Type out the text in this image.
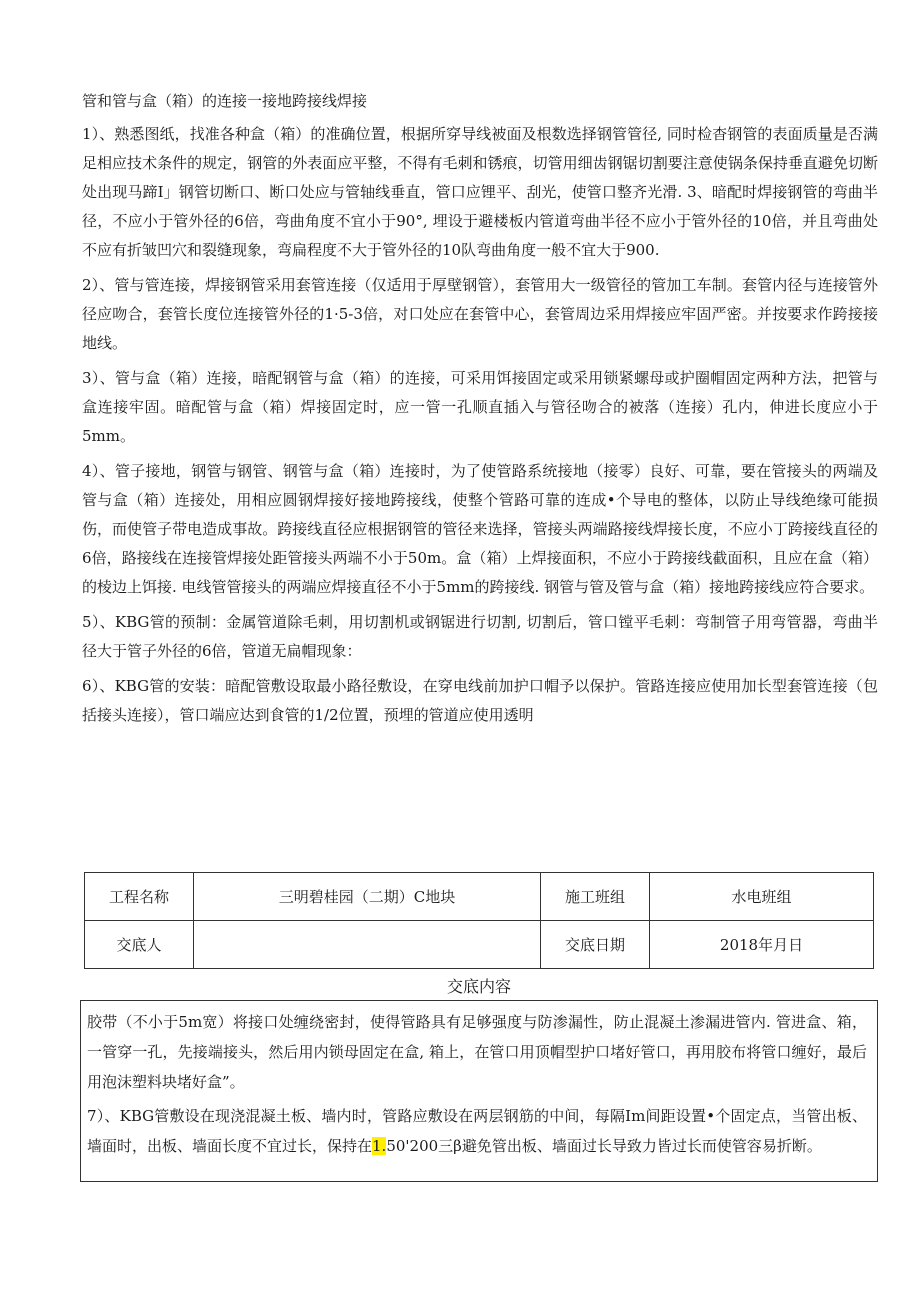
管和管与盒（箱）的连接一接地跨接线焊接

1）、熟悉图纸，找准各种盒（箱）的准确位置，根据所穿导线被面及根数选择钢管管径, 同时检杳钢管的表面质量是否满足相应技术条件的规定，钢管的外表面应平整，不得有毛刺和锈痕，切管用细齿钢锯切割要注意使锅条保持垂直避免切断处出现马蹄I」钢管切断口、断口处应与管轴线垂直，管口应锂平、刮光，使管口整齐光滑. 3、暗配时焊接钢管的弯曲半径，不应小于管外径的6倍，弯曲角度不宜小于90°, 埋设于避楼板内管道弯曲半径不应小于管外径的10倍，并且弯曲处不应有折皱凹穴和裂缝现象，弯扁程度不大于管外径的10队弯曲角度一般不宜大于900.

2）、管与管连接，焊接钢管采用套管连接（仅适用于厚壁钢管），套管用大一级管径的管加工车制。套管内径与连接管外径应吻合，套管长度位连接管外径的1·5-3倍，对口处应在套管中心，套管周边采用焊接应牢固严密。并按要求作跨接接地线。

3）、管与盒（箱）连接，暗配钢管与盒（箱）的连接，可采用饵接固定或采用锁紧螺母或护圈帽固定两种方法，把管与盒连接牢固。暗配管与盒（箱）焊接固定时，应一管一孔顺直插入与管径吻合的被落（连接）孔内，伸进长度应小于5mm。

4）、管子接地，钢管与钢管、钢管与盒（箱）连接时，为了使管路系统接地（接零）良好、可靠，要在管接头的两端及管与盒（箱）连接处，用相应圆钢焊接好接地跨接线，使整个管路可靠的连成•个导电的整体，以防止导线绝缘可能损伤，而使管子带电造成事故。跨接线直径应根据钢管的管径来选择，管接头两端路接线焊接长度，不应小丁跨接线直径的6倍，路接线在连接管焊接处距管接头两端不小于50m。盒（箱）上焊接面积，不应小于跨接线截面积，且应在盒（箱）的棱边上饵接. 电线管管接头的两端应焊接直径不小于5mm的跨接线. 钢管与管及管与盒（箱）接地跨接线应符合要求。

5）、KBG管的预制：金属管道除毛刺，用切割机或钢锯进行切割, 切割后，管口镗平毛刺：弯制管子用弯管器，弯曲半径大于管子外径的6倍，管道无扁帽现象：

6）、KBG管的安装：暗配管敷设取最小路径敷设，在穿电线前加护口帽予以保护。管路连接应使用加长型套管连接（包括接头连接），管口端应达到食管的1/2位置，预埋的管道应使用透明

工程名称	三明碧桂园（二期）C地块	施工班组	水电班组
交底人		交底日期	2018年月日
交底内容

胶带（不小于5m宽）将接口处缠绕密封，使得管路具有足够强度与防渗漏性，防止混凝土渗漏进管内. 管进盒、箱，一管穿一孔，先接端接头，然后用内锁母固定在盒, 箱上，在管口用顶帽型护口堵好管口，再用胶布将管口缠好，最后用泡沫塑料块堵好盒”。

7）、KBG管敷设在现浇混凝土板、墙内时，管路应敷设在两层钢筋的中间，每隔Im间距设置•个固定点，当管出板、墙面时，出板、墙面长度不宜过长，保持在1.50'200三β避免管出板、墙面过长导致力皆过长而使管容易折断。
